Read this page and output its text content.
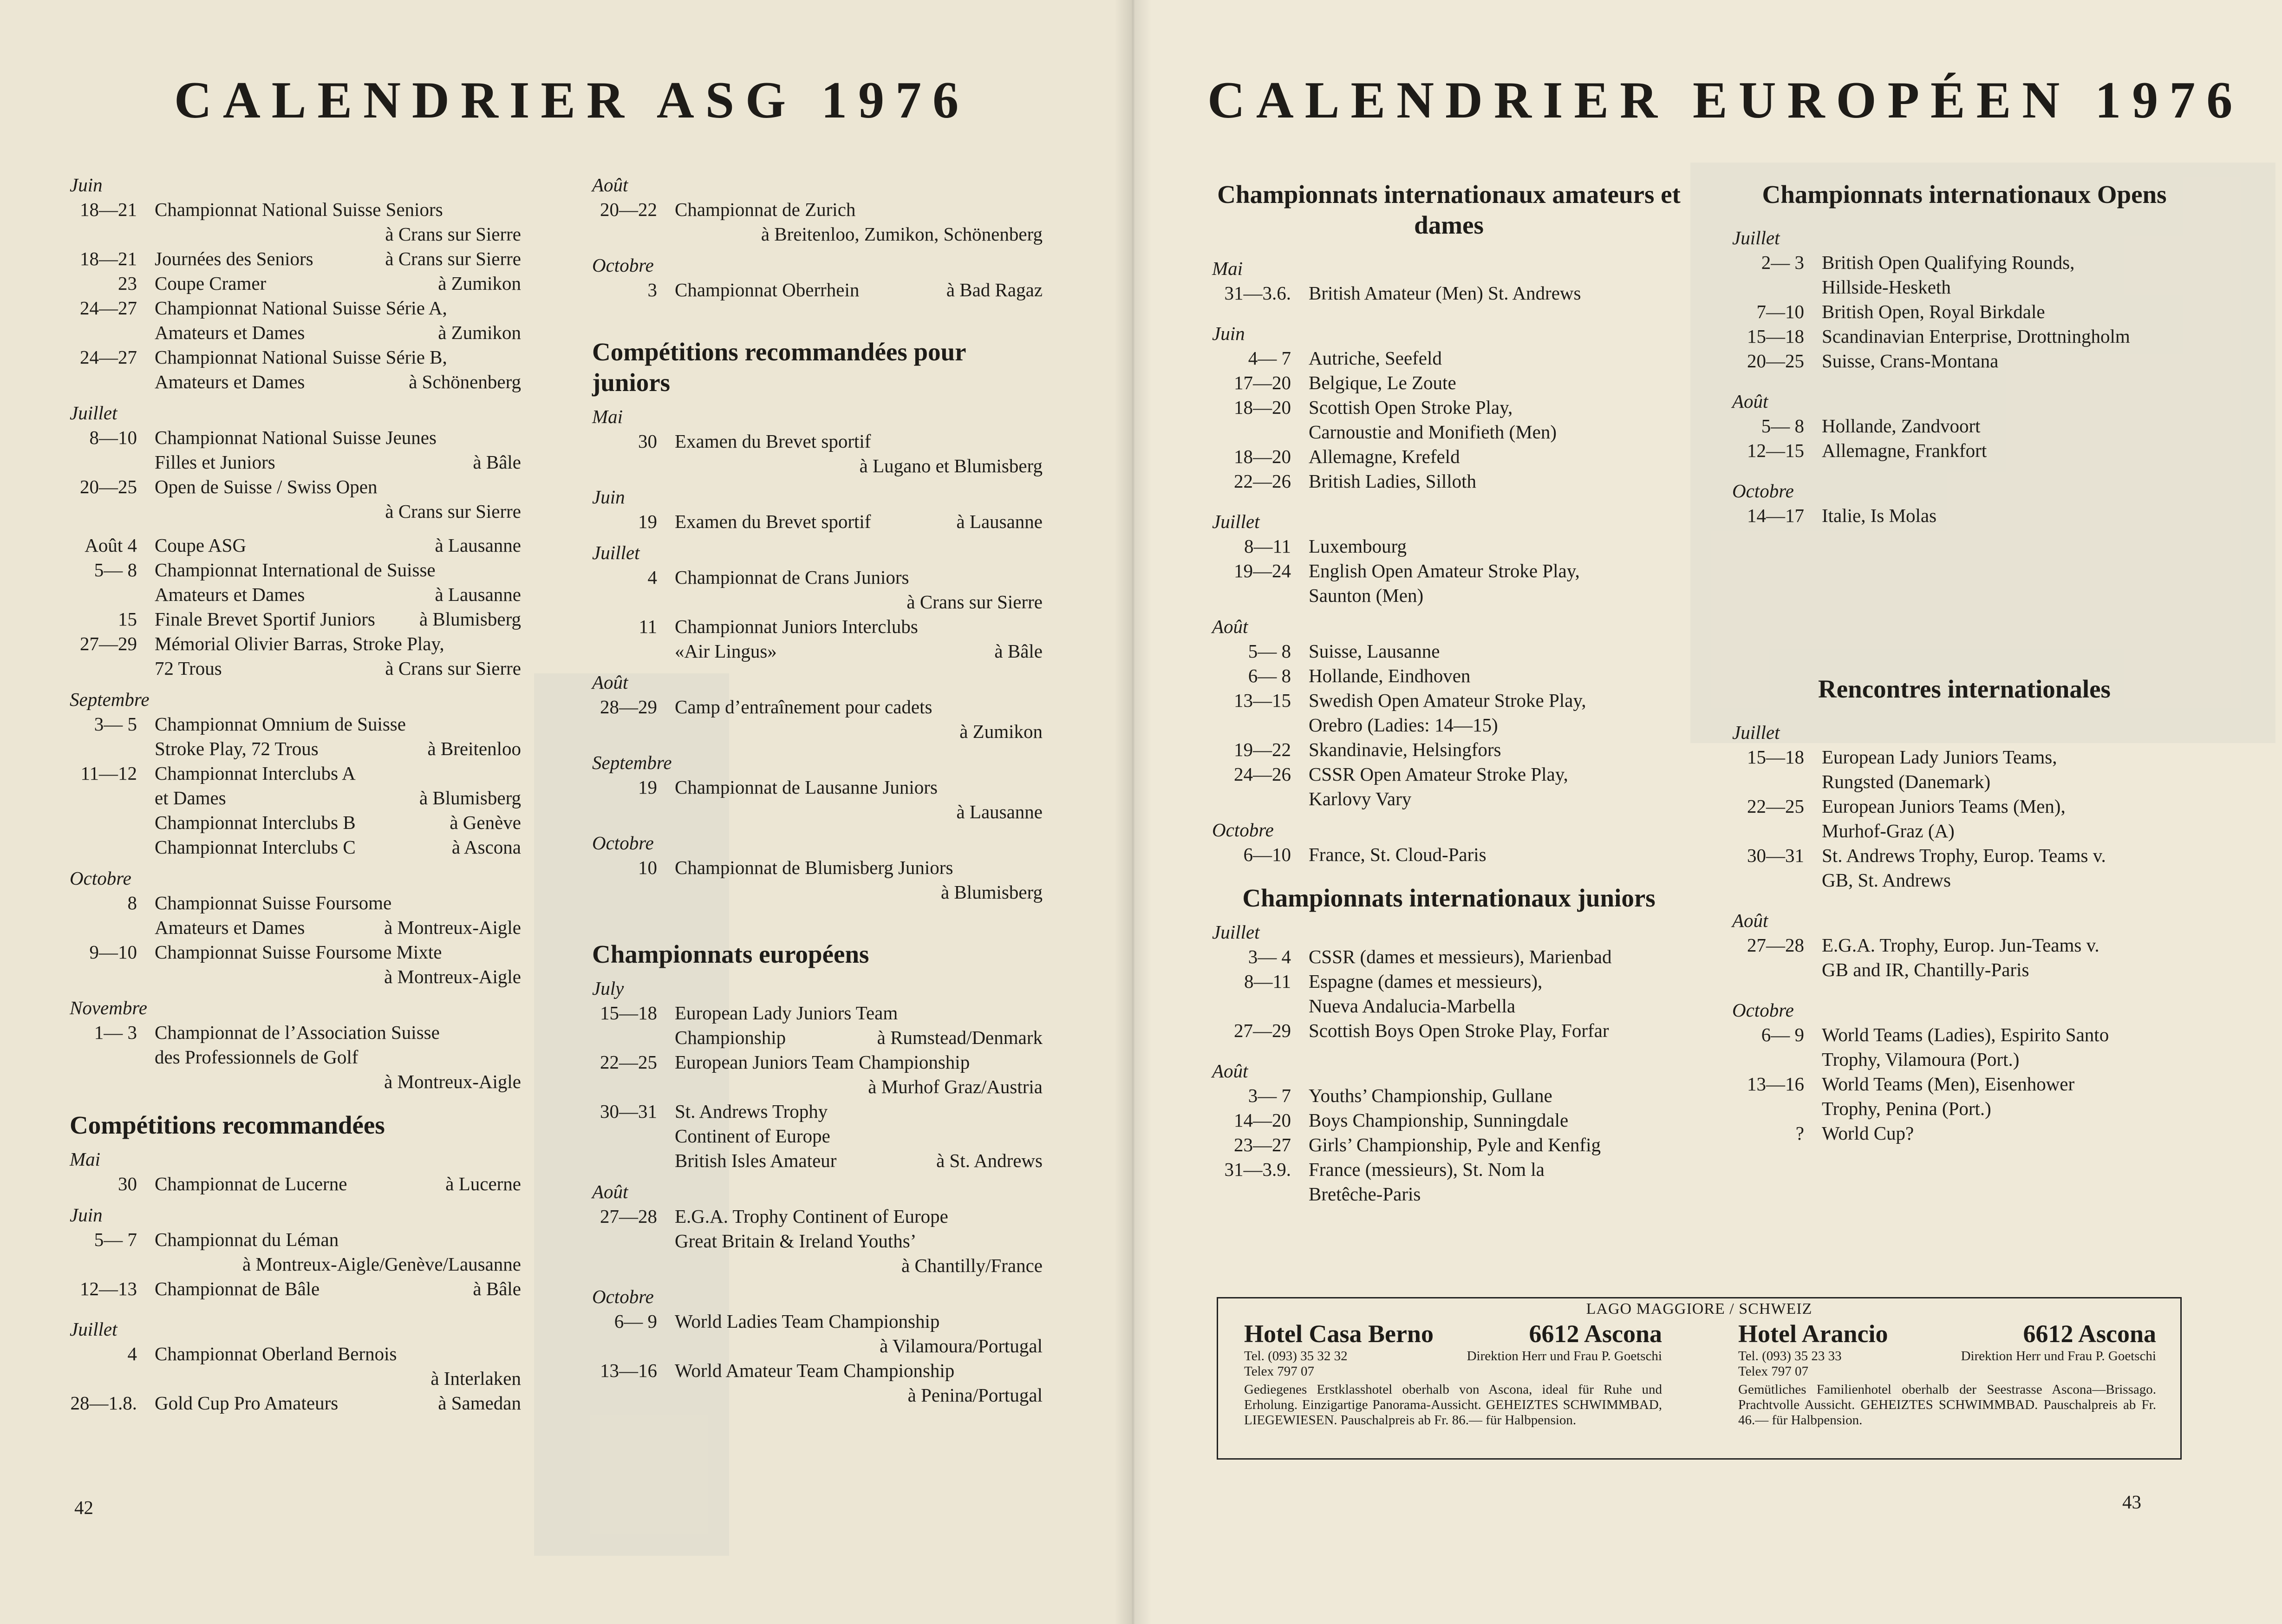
CALENDRIER ASG 1976
Juin
18—21 Championnat National Suisse Seniors
à Crans sur Sierre
18—21 Journées des Seniors	à Crans sur Sierre
23 Coupe Cramer	à Zumikon
24—27 Championnat National Suisse Série A,
Amateurs et Dames	à Zumikon
24—27 Championnat National Suisse Série B,
Amateurs et Dames	à Schönenberg
Juillet
8—10 Championnat National Suisse Jeunes
Filles et Juniors	à Bâle
20—25 Open de Suisse / Swiss Open
à Crans sur Sierre
Août 4 Coupe ASG	à Lausanne
5— 8 Championnat International de Suisse
Amateurs et Dames	à Lausanne
15 Finale Brevet Sportif Juniors	à Blumisberg
27—29 Mémorial Olivier Barras, Stroke Play,
72 Trous	à Crans sur Sierre
Septembre
3— 5 Championnat Omnium de Suisse
Stroke Play, 72 Trous	à Breitenloo
11—12 Championnat Interclubs A
et Dames	à Blumisberg
Championnat Interclubs B	à Genève
Championnat Interclubs C	à Ascona
Octobre
8 Championnat Suisse Foursome
Amateurs et Dames	à Montreux-Aigle
9—10 Championnat Suisse Foursome Mixte
à Montreux-Aigle
Novembre
1— 3 Championnat de l’Association Suisse
des Professionnels de Golf
à Montreux-Aigle
Compétitions recommandées
Mai
30 Championnat de Lucerne	à Lucerne
Juin
5— 7 Championnat du Léman
à Montreux-Aigle/Genève/Lausanne
12—13 Championnat de Bâle	à Bâle
Juillet
4 Championnat Oberland Bernois
à Interlaken
28—1.8. Gold Cup Pro Amateurs	à Samedan
Août
20—22 Championnat de Zurich
à Breitenloo, Zumikon, Schönenberg
Octobre
3 Championnat Oberrhein	à Bad Ragaz
Compétitions recommandées pour juniors
Mai
30 Examen du Brevet sportif
à Lugano et Blumisberg
Juin
19 Examen du Brevet sportif	à Lausanne
Juillet
4 Championnat de Crans Juniors
à Crans sur Sierre
11 Championnat Juniors Interclubs
«Air Lingus»	à Bâle
Août
28—29 Camp d’entraînement pour cadets
à Zumikon
Septembre
19 Championnat de Lausanne Juniors
à Lausanne
Octobre
10 Championnat de Blumisberg Juniors
à Blumisberg
Championnats européens
July
15—18 European Lady Juniors Team
Championship	à Rumstead/Denmark
22—25 European Juniors Team Championship
à Murhof Graz/Austria
30—31 St. Andrews Trophy
Continent of Europe
British Isles Amateur	à St. Andrews
Août
27—28 E.G.A. Trophy Continent of Europe
Great Britain & Ireland Youths’
à Chantilly/France
Octobre
6— 9 World Ladies Team Championship
à Vilamoura/Portugal
13—16 World Amateur Team Championship
à Penina/Portugal
42
CALENDRIER EUROPÉEN 1976
Championnats internationaux amateurs et dames
Mai
31—3.6. British Amateur (Men) St. Andrews
Juin
4— 7 Autriche, Seefeld
17—20 Belgique, Le Zoute
18—20 Scottish Open Stroke Play,
Carnoustie and Monifieth (Men)
18—20 Allemagne, Krefeld
22—26 British Ladies, Silloth
Juillet
8—11 Luxembourg
19—24 English Open Amateur Stroke Play,
Saunton (Men)
Août
5— 8 Suisse, Lausanne
6— 8 Hollande, Eindhoven
13—15 Swedish Open Amateur Stroke Play,
Orebro (Ladies: 14—15)
19—22 Skandinavie, Helsingfors
24—26 CSSR Open Amateur Stroke Play,
Karlovy Vary
Octobre
6—10 France, St. Cloud-Paris
Championnats internationaux juniors
Juillet
3— 4 CSSR (dames et messieurs), Marienbad
8—11 Espagne (dames et messieurs),
Nueva Andalucia-Marbella
27—29 Scottish Boys Open Stroke Play, Forfar
Août
3— 7 Youths’ Championship, Gullane
14—20 Boys Championship, Sunningdale
23—27 Girls’ Championship, Pyle and Kenfig
31—3.9. France (messieurs), St. Nom la
Bretêche-Paris
Championnats internationaux Opens
Juillet
2— 3 British Open Qualifying Rounds,
Hillside-Hesketh
7—10 British Open, Royal Birkdale
15—18 Scandinavian Enterprise, Drottningholm
20—25 Suisse, Crans-Montana
Août
5— 8 Hollande, Zandvoort
12—15 Allemagne, Frankfort
Octobre
14—17 Italie, Is Molas
Rencontres internationales
Juillet
15—18 European Lady Juniors Teams,
Rungsted (Danemark)
22—25 European Juniors Teams (Men),
Murhof-Graz (A)
30—31 St. Andrews Trophy, Europ. Teams v.
GB, St. Andrews
Août
27—28 E.G.A. Trophy, Europ. Jun-Teams v.
GB and IR, Chantilly-Paris
Octobre
6— 9 World Teams (Ladies), Espirito Santo
Trophy, Vilamoura (Port.)
13—16 World Teams (Men), Eisenhower
Trophy, Penina (Port.)
? World Cup?
43
LAGO MAGGIORE / SCHWEIZ
Hotel Casa Berno	6612 Ascona
Tel. (093) 35 32 32	Direktion Herr und Frau P. Goetschi
Telex 797 07
Gediegenes Erstklasshotel oberhalb von Ascona, ideal für Ruhe und Erholung. Einzigartige Panorama-Aussicht. GEHEIZTES SCHWIMMBAD, LIEGEWIESEN. Pauschalpreis ab Fr. 86.— für Halbpension.
Hotel Arancio	6612 Ascona
Tel. (093) 35 23 33	Direktion Herr und Frau P. Goetschi
Telex 797 07
Gemütliches Familienhotel oberhalb der Seestrasse Ascona—Brissago. Prachtvolle Aussicht. GEHEIZTES SCHWIMMBAD. Pauschalpreis ab Fr. 46.— für Halbpension.
